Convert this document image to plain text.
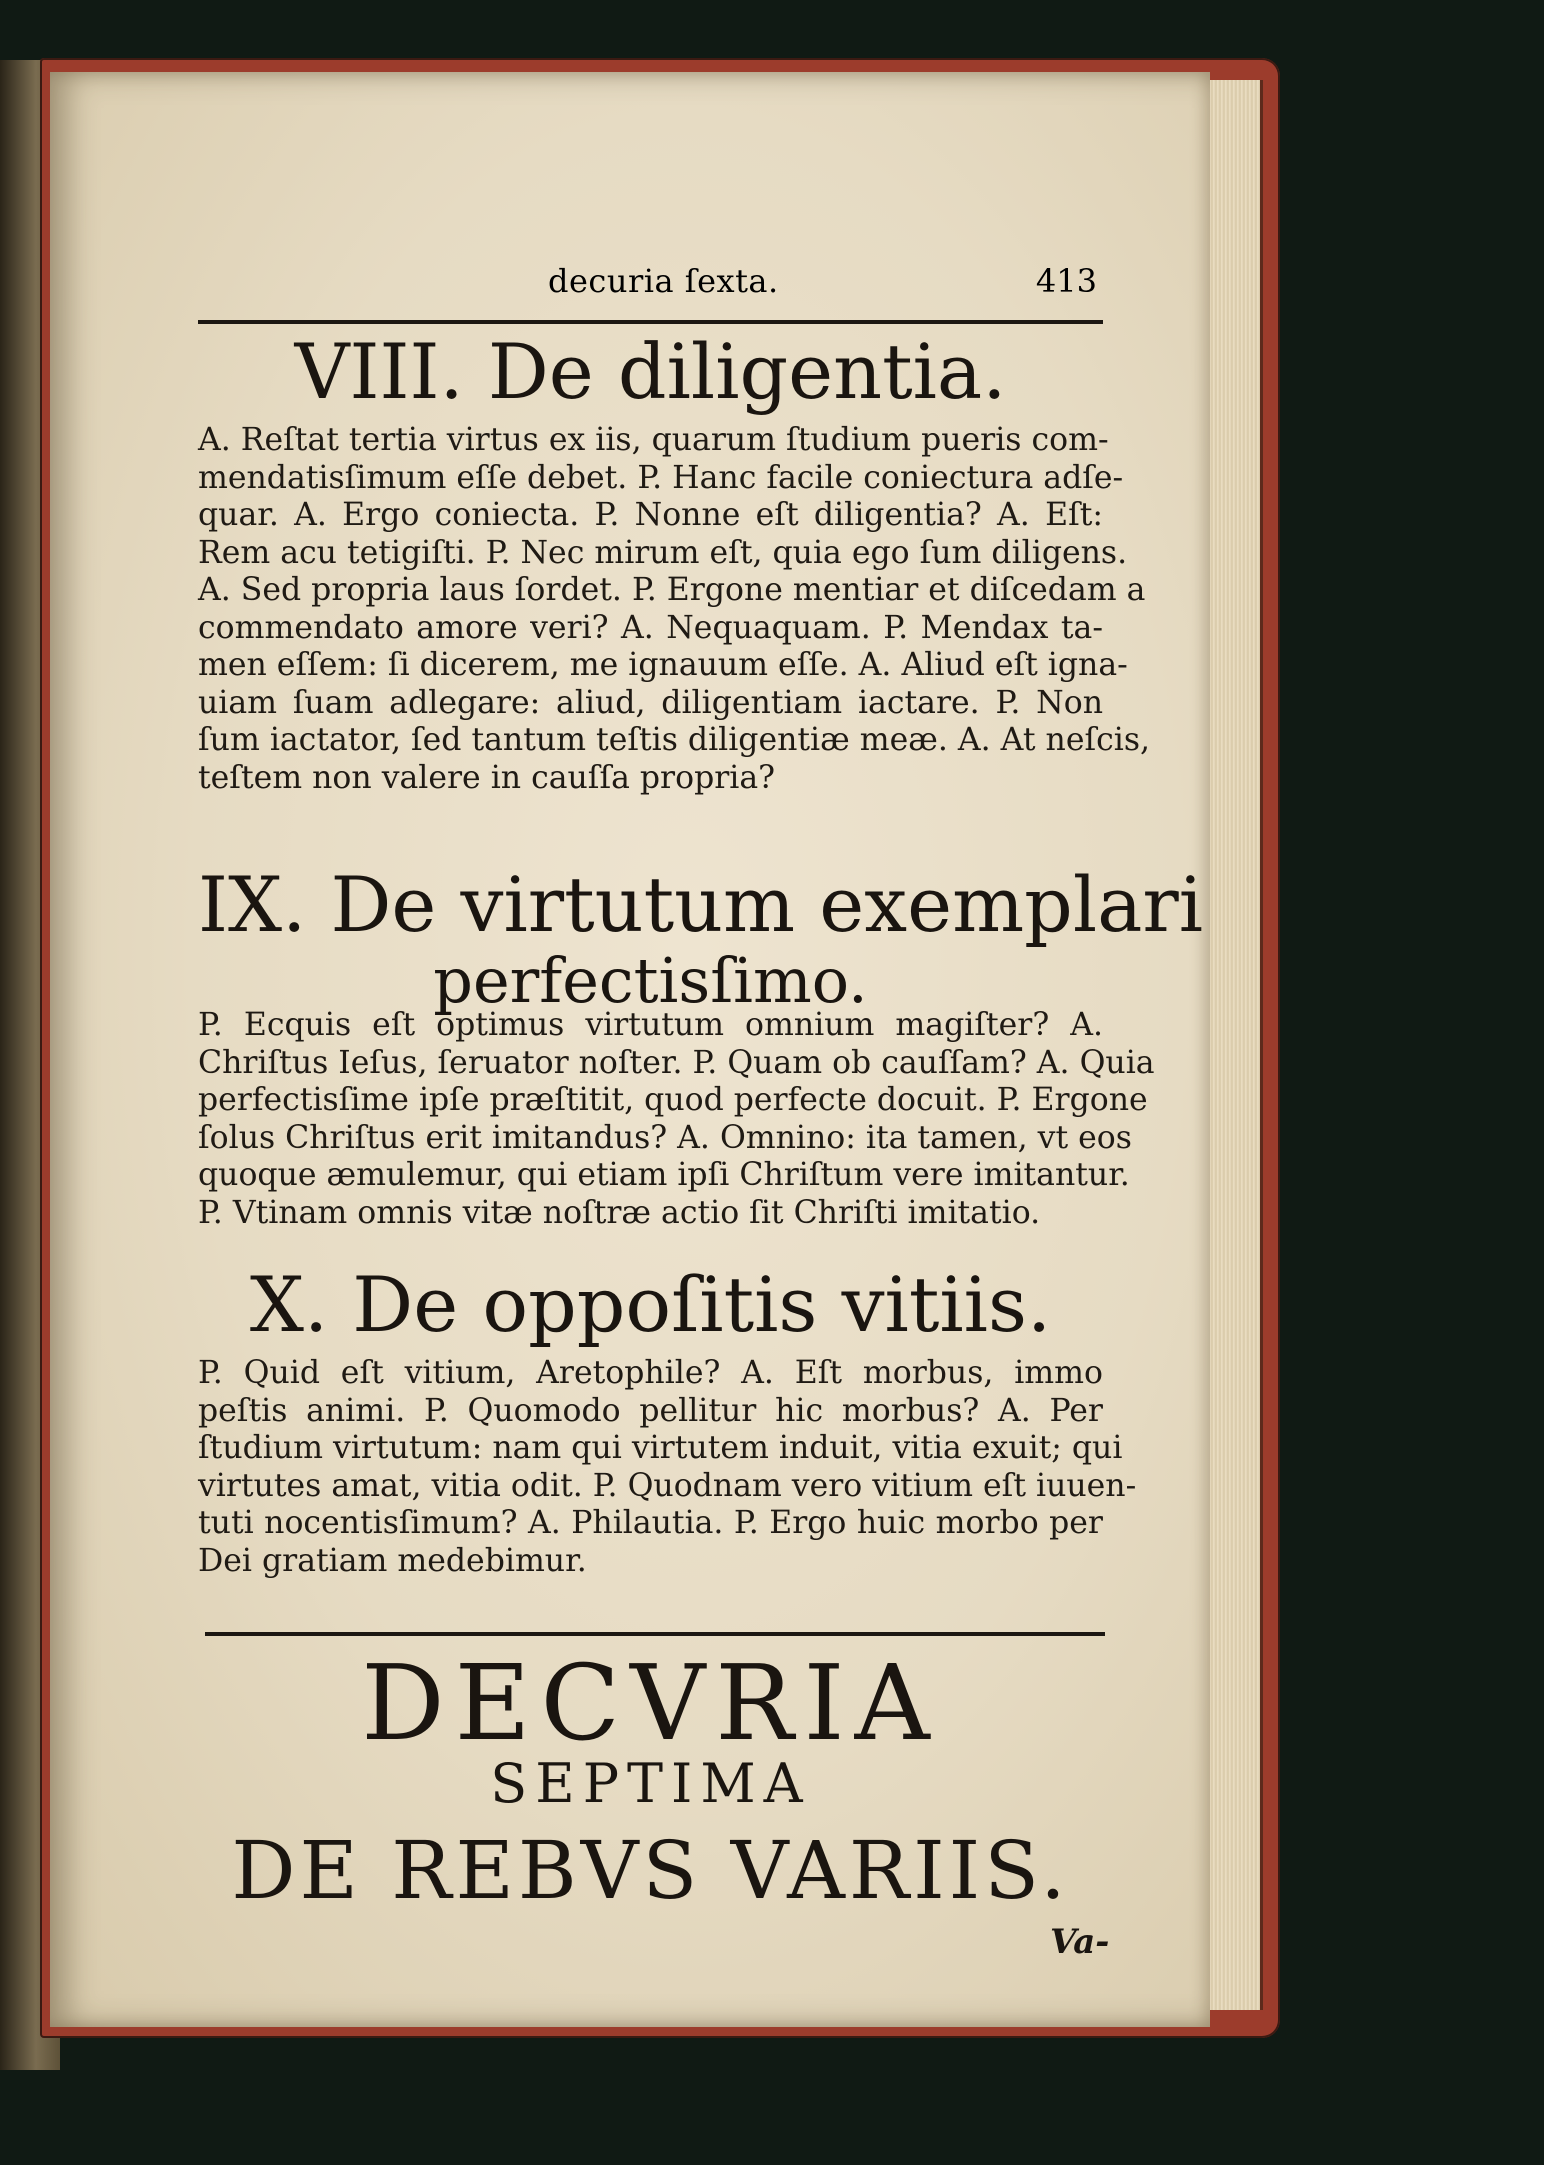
decuria ſexta.	413
VIII. De diligentia.
A. Reſtat tertia virtus ex iis, quarum ſtudium pueris com-
mendatisſimum eſſe debet. P. Hanc facile coniectura adſe-
quar. A. Ergo coniecta. P. Nonne eſt diligentia? A. Eſt:
Rem acu tetigiſti. P. Nec mirum eſt, quia ego ſum diligens.
A. Sed propria laus ſordet. P. Ergone mentiar et diſcedam a
commendato amore veri? A. Nequaquam. P. Mendax ta-
men eſſem: ſi dicerem, me ignauum eſſe. A. Aliud eſt igna-
uiam ſuam adlegare: aliud, diligentiam iactare. P. Non
ſum iactator, ſed tantum teſtis diligentiæ meæ. A. At neſcis,
teſtem non valere in cauſſa propria?
IX. De virtutum exemplari
perfectisſimo.
P. Ecquis eſt optimus virtutum omnium magiſter? A.
Chriſtus Ieſus, ſeruator noſter. P. Quam ob cauſſam? A. Quia
perfectisſime ipſe præſtitit, quod perfecte docuit. P. Ergone
ſolus Chriſtus erit imitandus? A. Omnino: ita tamen, vt eos
quoque æmulemur, qui etiam ipſi Chriſtum vere imitantur.
P. Vtinam omnis vitæ noſtræ actio ſit Chriſti imitatio.
X. De oppoſitis vitiis.
P. Quid eſt vitium, Aretophile? A. Eſt morbus, immo
peſtis animi. P. Quomodo pellitur hic morbus? A. Per
ſtudium virtutum: nam qui virtutem induit, vitia exuit; qui
virtutes amat, vitia odit. P. Quodnam vero vitium eſt iuuen-
tuti nocentisſimum? A. Philautia. P. Ergo huic morbo per
Dei gratiam medebimur.
DECVRIA
SEPTIMA
DE REBVS VARIIS.
Va-
